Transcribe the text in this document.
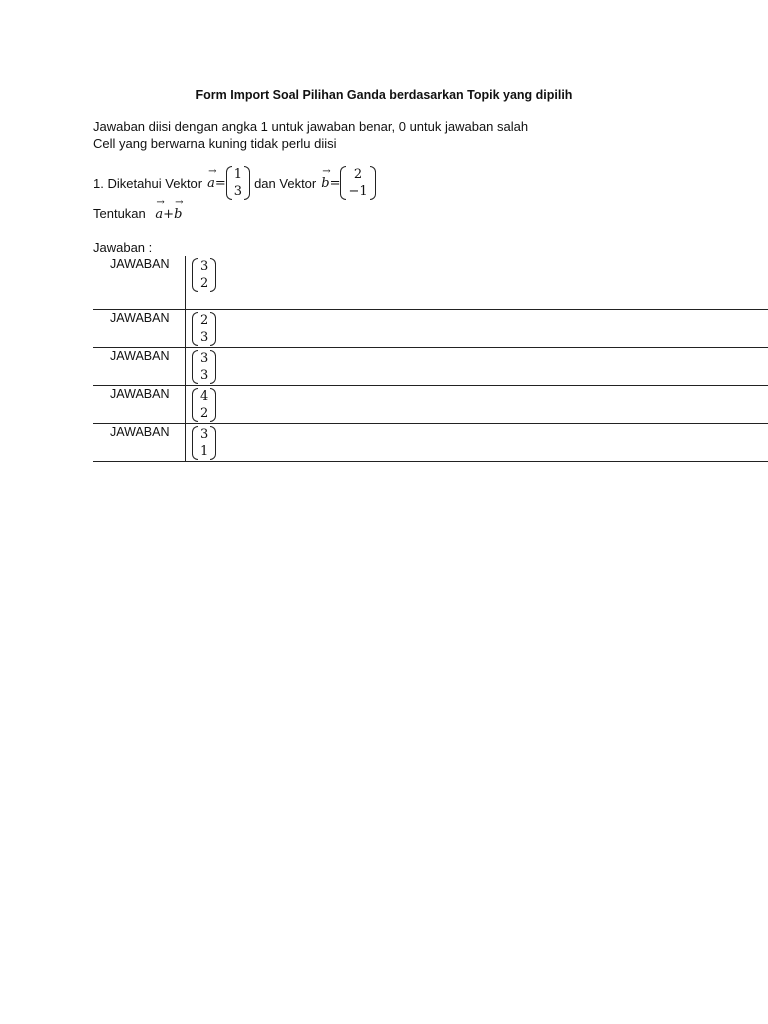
Form Import Soal Pilihan Ganda berdasarkan Topik yang dipilih
Jawaban diisi dengan angka 1 untuk jawaban benar, 0 untuk jawaban salah
Cell yang berwarna kuning tidak perlu diisi
1. Diketahui Vektor
→
a=
1
3
dan Vektor
→
b=
2
−1
Tentukan
→
a+
→
b
Jawaban :
JAWABAN 3
2
JAWABAN 2
3
JAWABAN 3
3
JAWABAN 4
2
JAWABAN 3
1
